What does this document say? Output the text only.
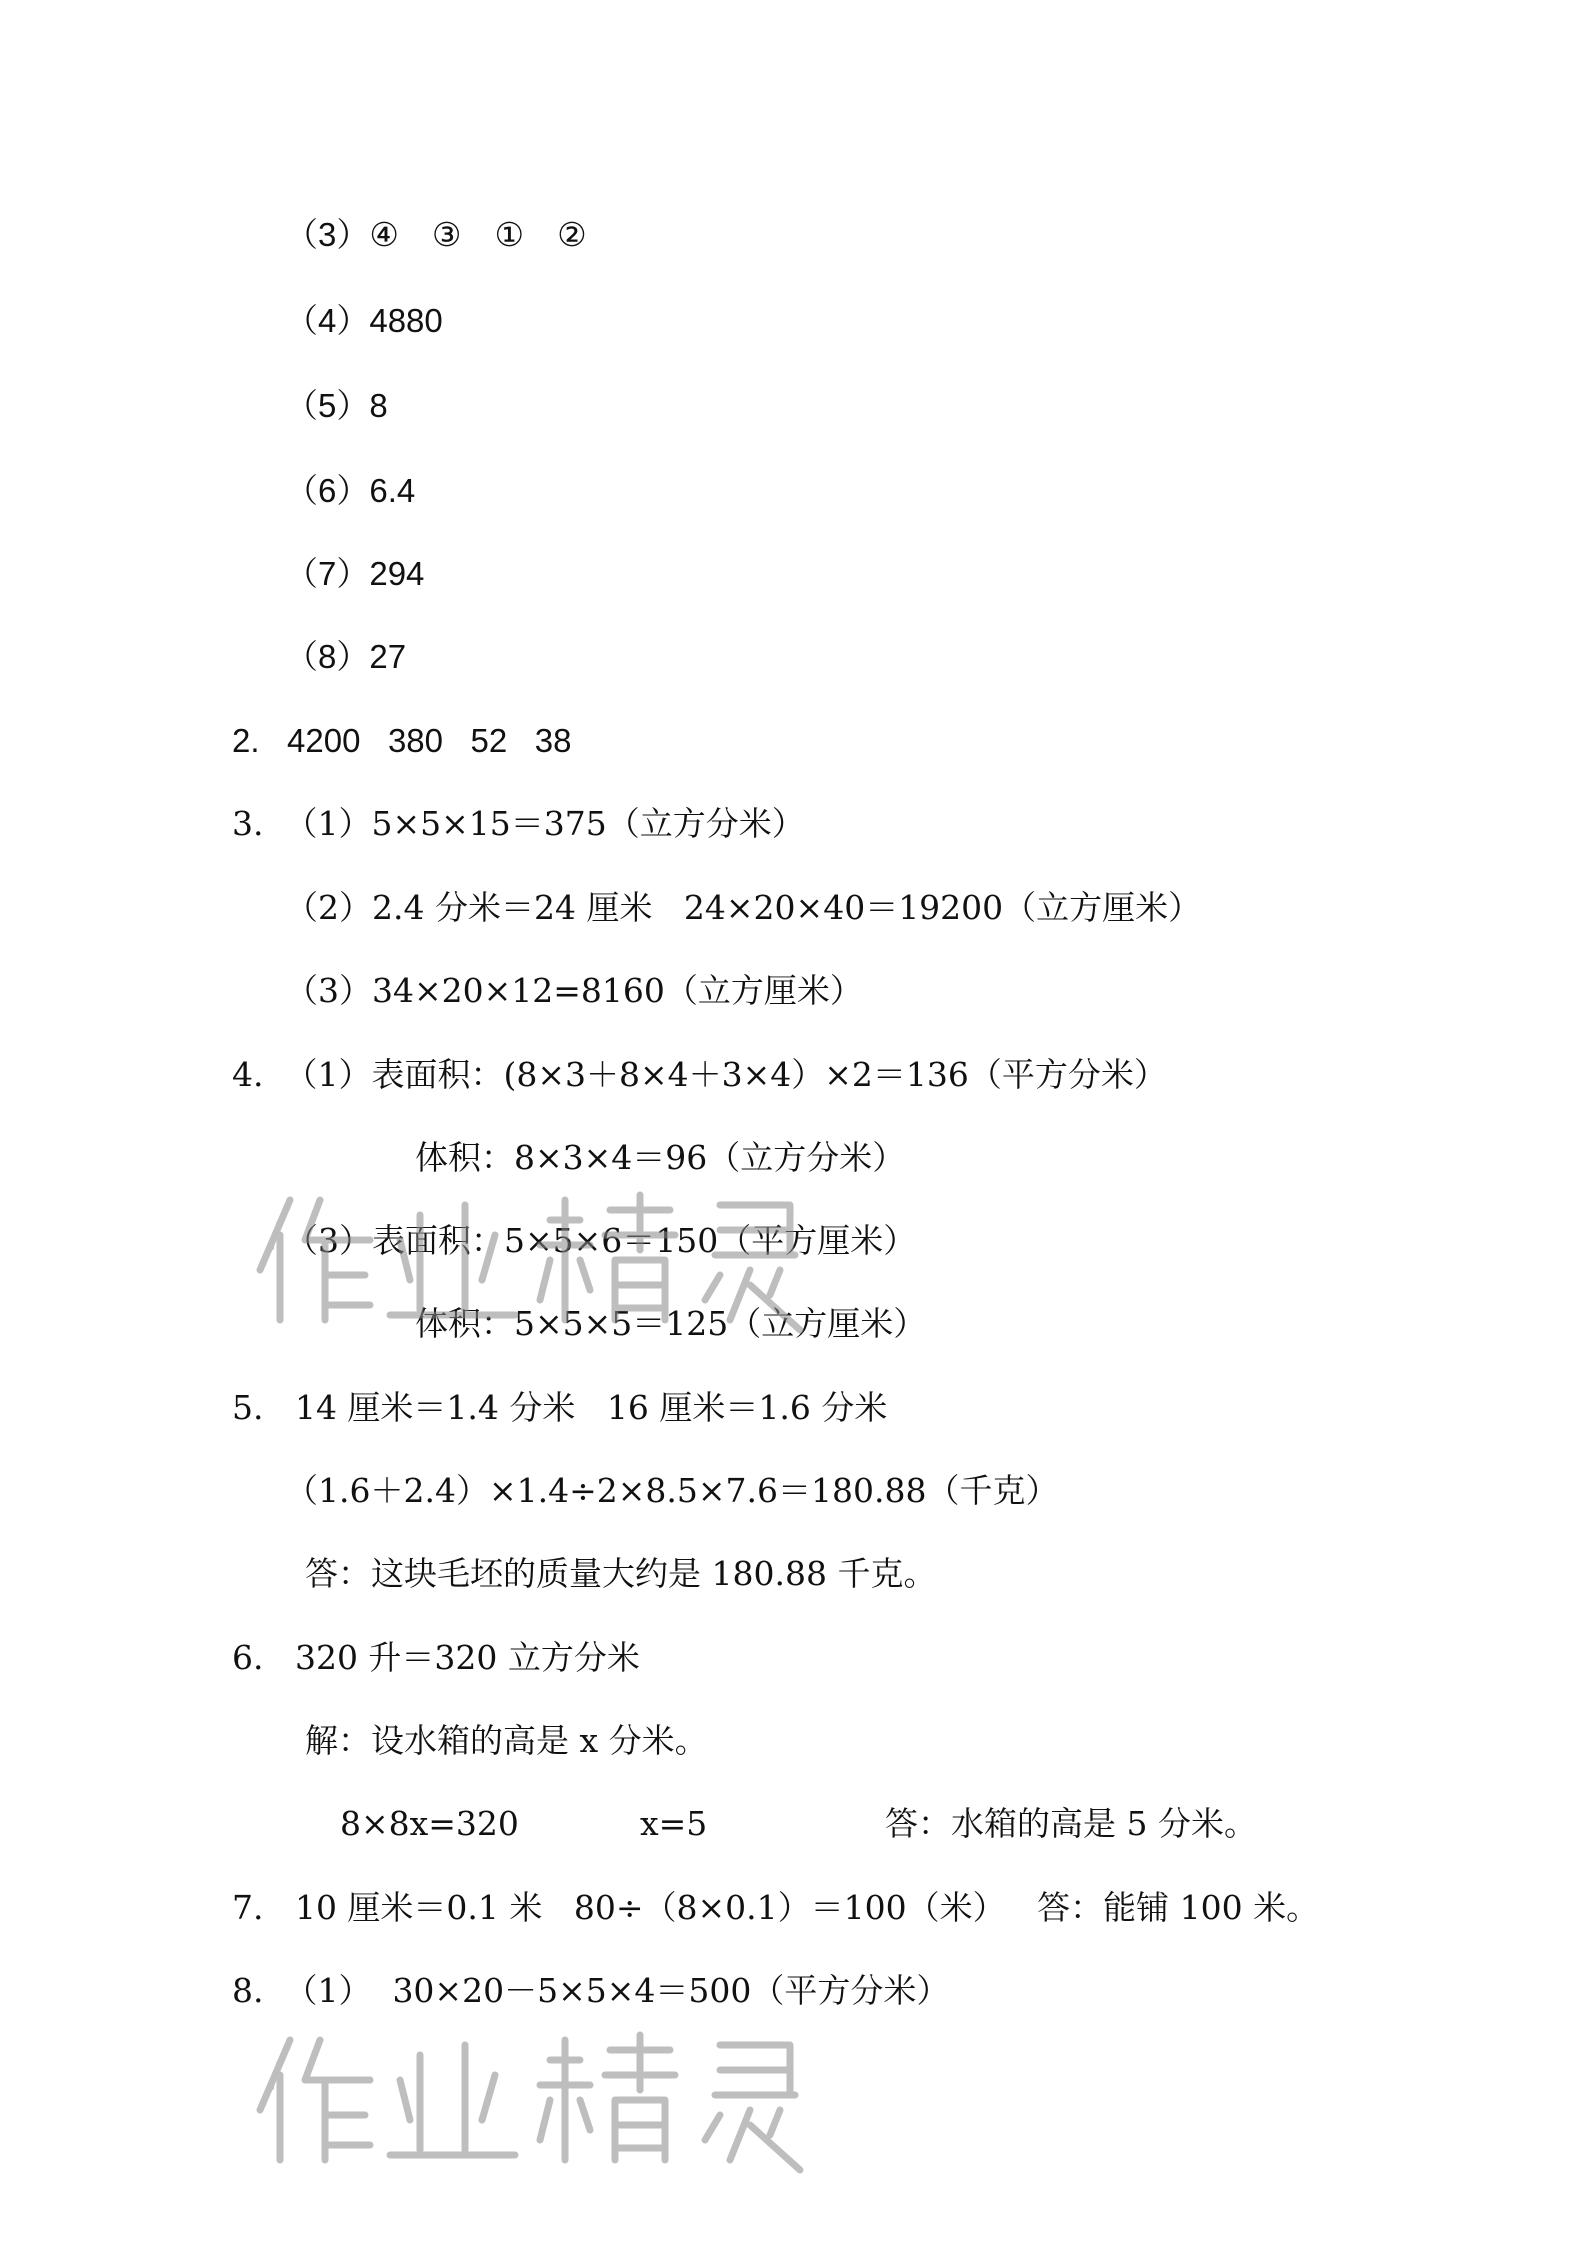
（3）④　③　①　②
（4）4880
（5）8
（6）6.4
（7）294
（8）27
2.   4200   380   52   38
3.  （1）5×5×15＝375（立方分米）
（2）2.4 分米＝24 厘米   24×20×40＝19200（立方厘米）
（3）34×20×12=8160（立方厘米）
4.  （1）表面积：(8×3＋8×4＋3×4）×2＝136（平方分米）
体积：8×3×4＝96（立方分米）
（3）表面积：5×5×6＝150（平方厘米）
体积：5×5×5＝125（立方厘米）
5.   14 厘米＝1.4 分米   16 厘米＝1.6 分米
（1.6＋2.4）×1.4÷2×8.5×7.6＝180.88（千克）
答：这块毛坯的质量大约是 180.88 千克。
6.   320 升＝320 立方分米
解：设水箱的高是 x 分米。
8×8x=320	x=5	答：水箱的高是 5 分米。
7.   10 厘米＝0.1 米   80÷（8×0.1）＝100（米）   答：能铺 100 米。
8.  （1）  30×20－5×5×4＝500（平方分米）
